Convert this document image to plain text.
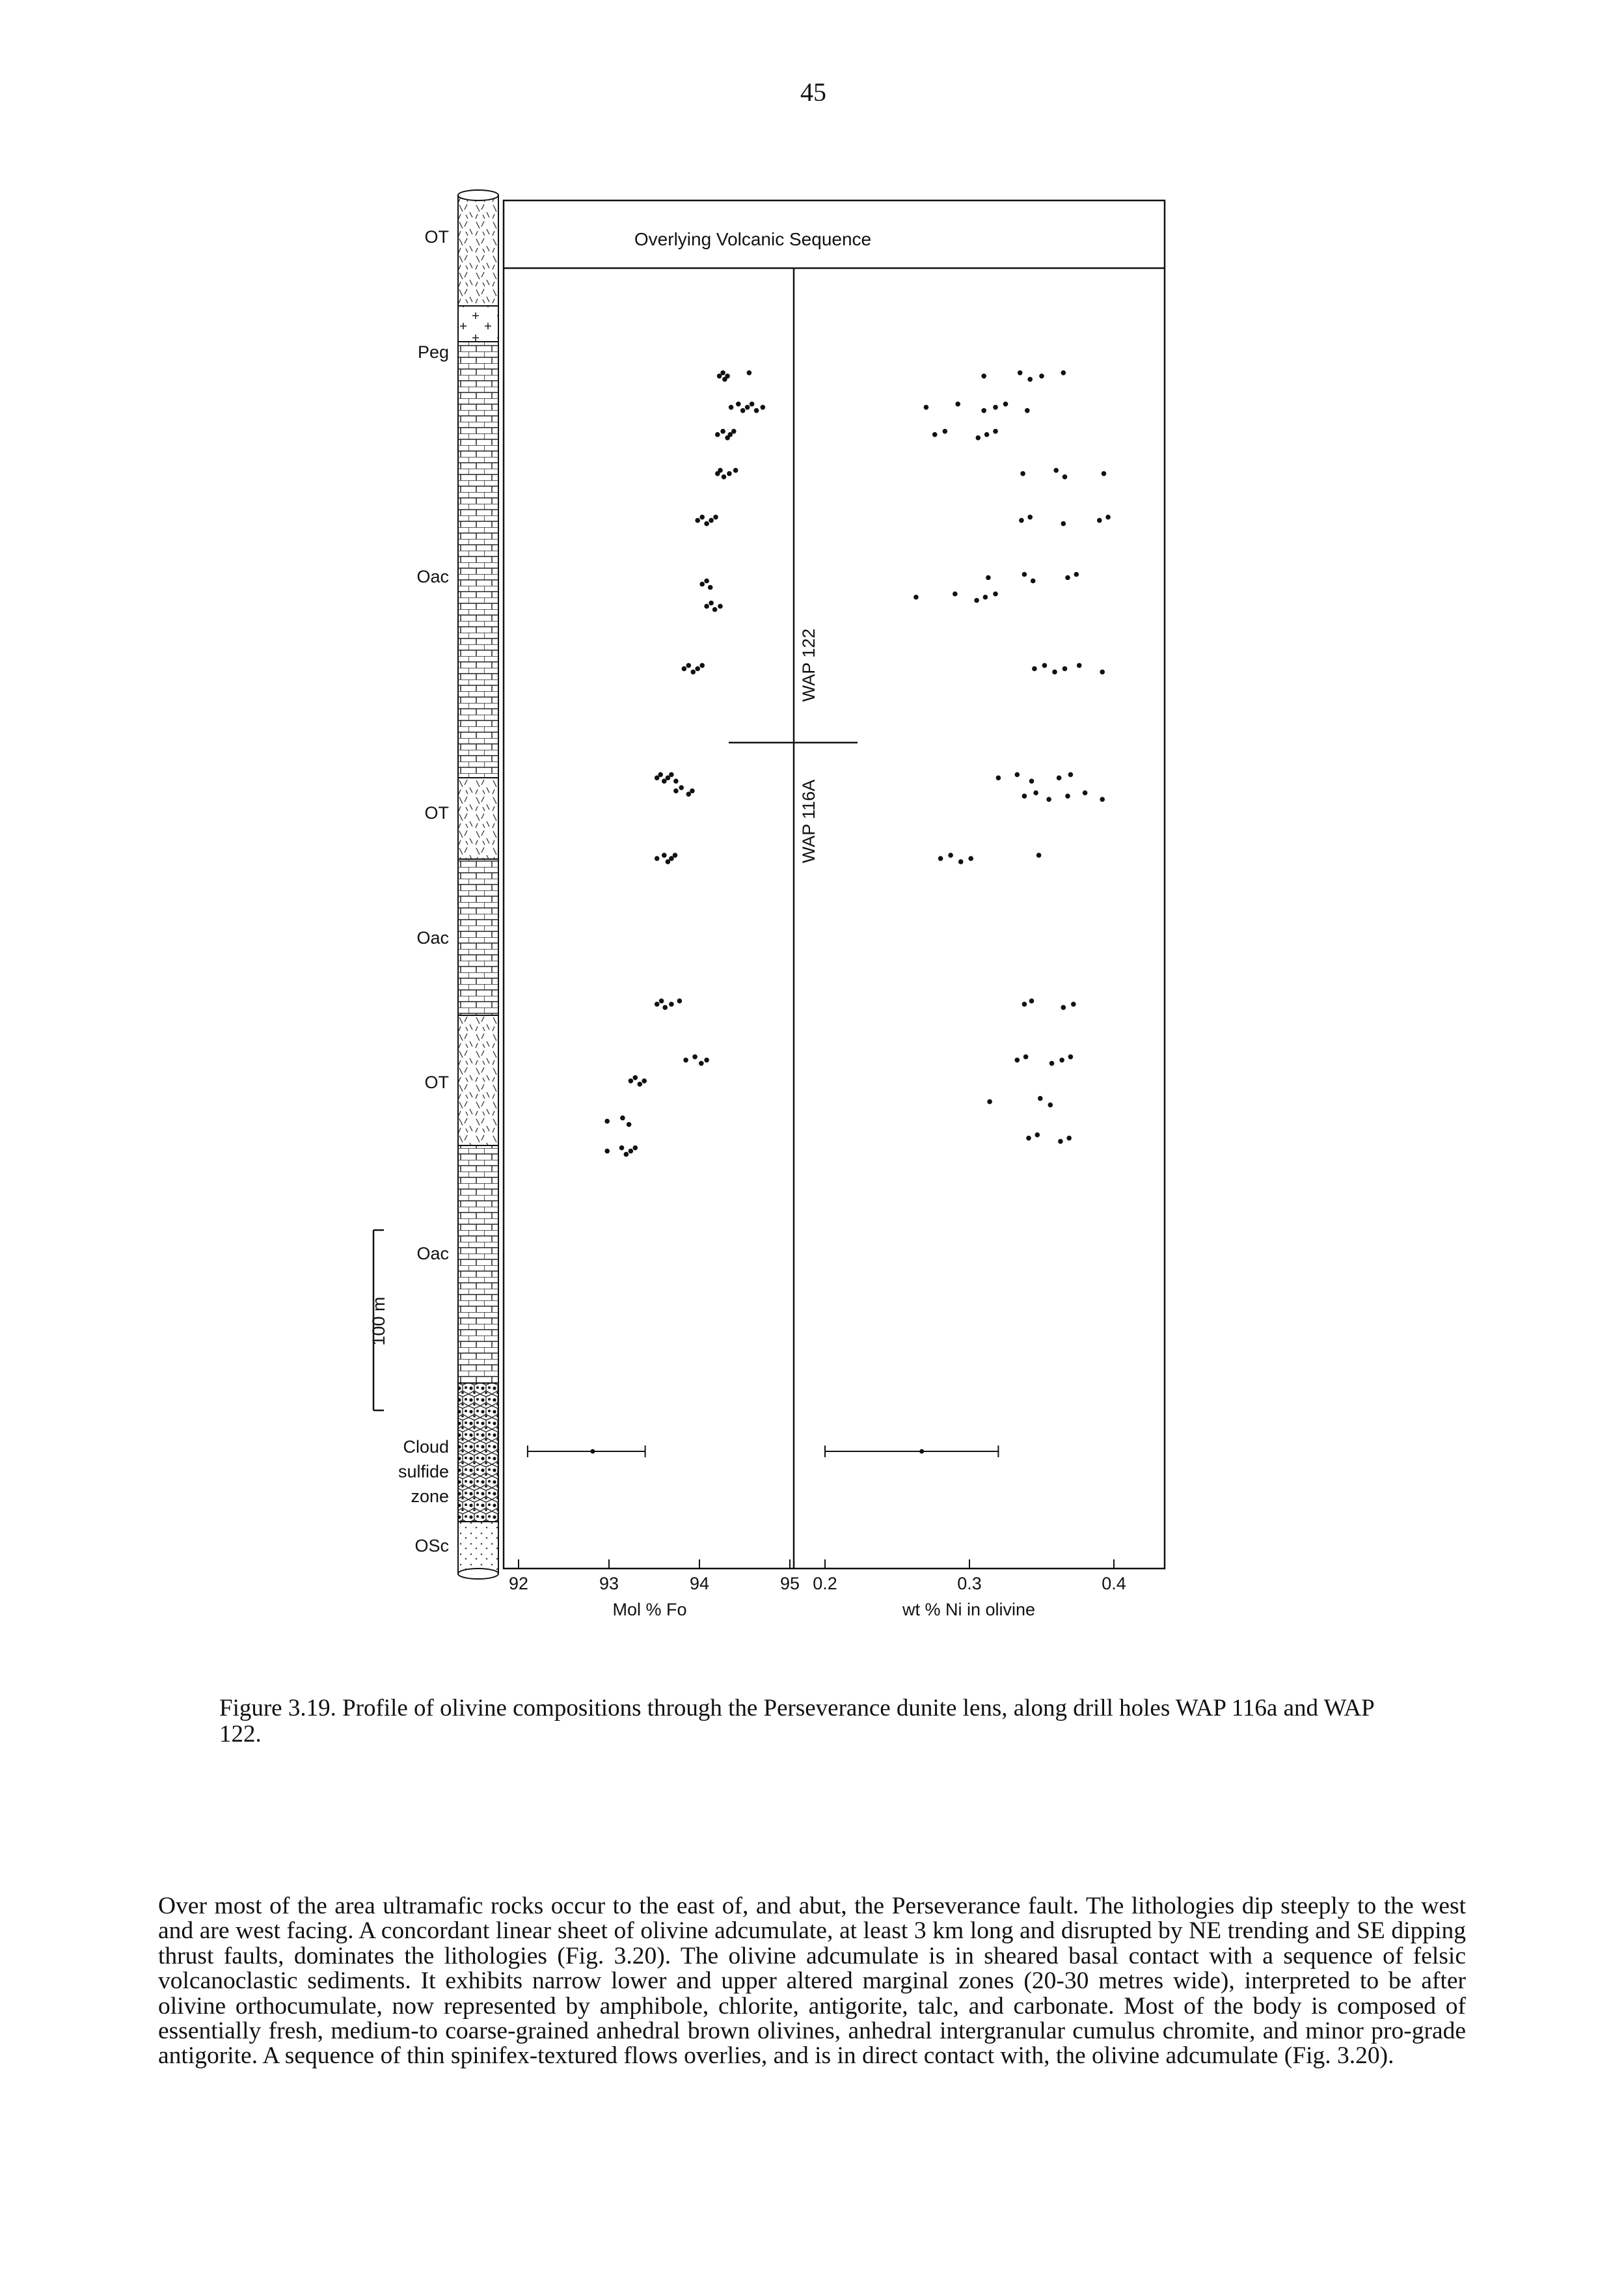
45
OT
Peg
Oac
OT
Oac
OT
Oac
Cloud
sulfide
zone
OSc
100 m
Overlying Volcanic Sequence
WAP 122
WAP 116A
92	93	94	95
Mol % Fo
0.2	0.3	0.4
wt % Ni in olivine
Figure 3.19. Profile of olivine compositions through the Perseverance dunite lens, along drill holes WAP 116a and WAP 122.
Over most of the area ultramafic rocks occur to the east of, and abut, the Perseverance fault. The lithologies dip steeply to the west and are west facing. A concordant linear sheet of olivine adcumulate, at least 3 km long and disrupted by NE trending and SE dipping thrust faults, dominates the lithologies (Fig. 3.20). The olivine adcumulate is in sheared basal contact with a sequence of felsic volcanoclastic sediments. It exhibits narrow lower and upper altered marginal zones (20-30 metres wide), interpreted to be after olivine orthocumulate, now represented by amphibole, chlorite, antigorite, talc, and carbonate. Most of the body is composed of essentially fresh, medium-to coarse-grained anhedral brown olivines, anhedral intergranular cumulus chromite, and minor pro-grade antigorite. A sequence of thin spinifex-textured flows overlies, and is in direct contact with, the olivine adcumulate (Fig. 3.20).
